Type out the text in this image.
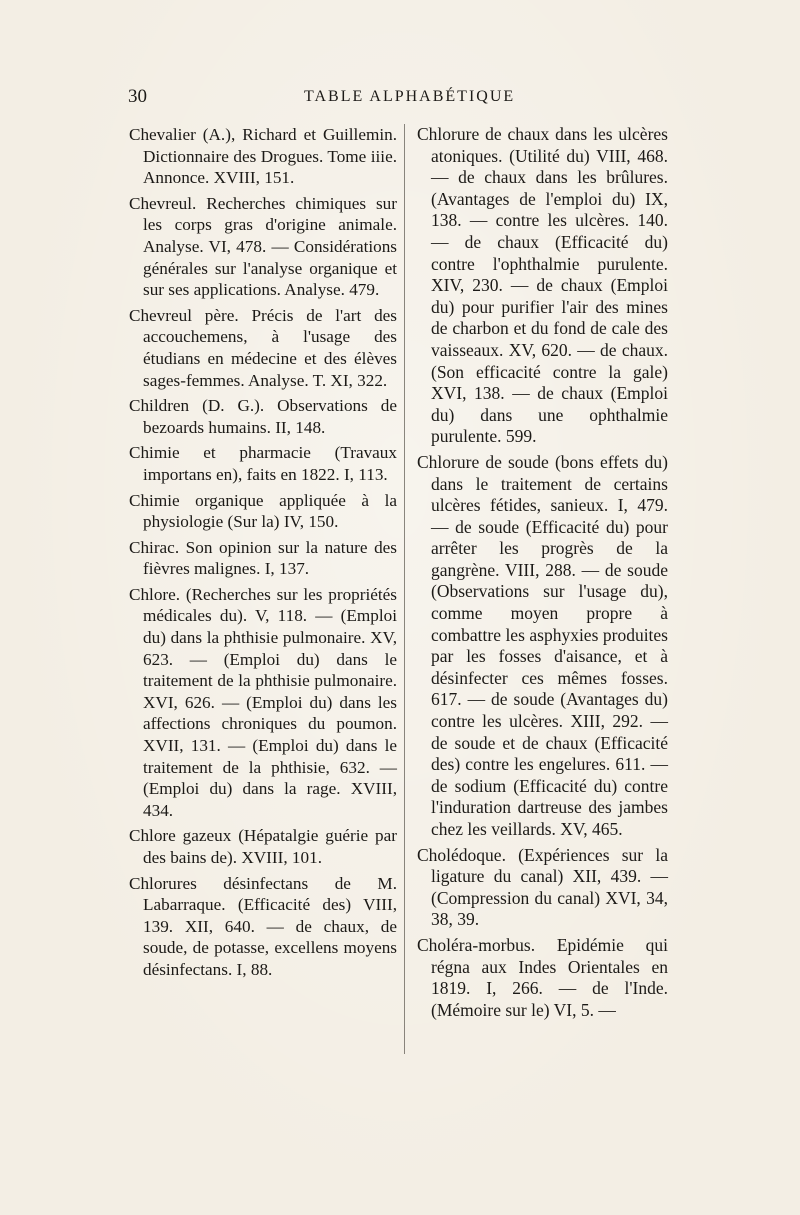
30	TABLE ALPHABÉTIQUE

Chevalier (A.), Richard et Guillemin. Dictionnaire des Drogues. Tome iiie. Annonce. XVIII, 151.

Chevreul. Recherches chimiques sur les corps gras d'origine animale. Analyse. VI, 478. — Considérations générales sur l'analyse organique et sur ses applications. Analyse. 479.

Chevreul père. Précis de l'art des accouchemens, à l'usage des étudians en médecine et des élèves sages-femmes. Analyse. T. XI, 322.

Children (D. G.). Observations de bezoards humains. II, 148.

Chimie et pharmacie (Travaux importans en), faits en 1822. I, 113.

Chimie organique appliquée à la physiologie (Sur la) IV, 150.

Chirac. Son opinion sur la nature des fièvres malignes. I, 137.

Chlore. (Recherches sur les propriétés médicales du). V, 118. — (Emploi du) dans la phthisie pulmonaire. XV, 623. — (Emploi du) dans le traitement de la phthisie pulmonaire. XVI, 626. — (Emploi du) dans les affections chroniques du poumon. XVII, 131. — (Emploi du) dans le traitement de la phthisie, 632. — (Emploi du) dans la rage. XVIII, 434.

Chlore gazeux (Hépatalgie guérie par des bains de). XVIII, 101.

Chlorures désinfectans de M. Labarraque. (Efficacité des) VIII, 139. XII, 640. — de chaux, de soude, de potasse, excellens moyens désinfectans. I, 88.

Chlorure de chaux dans les ulcères atoniques. (Utilité du) VIII, 468. — de chaux dans les brûlures. (Avantages de l'emploi du) IX, 138. — contre les ulcères. 140. — de chaux (Efficacité du) contre l'ophthalmie purulente. XIV, 230. — de chaux (Emploi du) pour purifier l'air des mines de charbon et du fond de cale des vaisseaux. XV, 620. — de chaux. (Son efficacité contre la gale) XVI, 138. — de chaux (Emploi du) dans une ophthalmie purulente. 599.

Chlorure de soude (bons effets du) dans le traitement de certains ulcères fétides, sanieux. I, 479. — de soude (Efficacité du) pour arrêter les progrès de la gangrène. VIII, 288. — de soude (Observations sur l'usage du), comme moyen propre à combattre les asphyxies produites par les fosses d'aisance, et à désinfecter ces mêmes fosses. 617. — de soude (Avantages du) contre les ulcères. XIII, 292. — de soude et de chaux (Efficacité des) contre les engelures. 611. — de sodium (Efficacité du) contre l'induration dartreuse des jambes chez les veillards. XV, 465.

Cholédoque. (Expériences sur la ligature du canal) XII, 439. — (Compression du canal) XVI, 34, 38, 39.

Choléra-morbus. Epidémie qui régna aux Indes Orientales en 1819. I, 266. — de l'Inde. (Mémoire sur le) VI, 5. —
